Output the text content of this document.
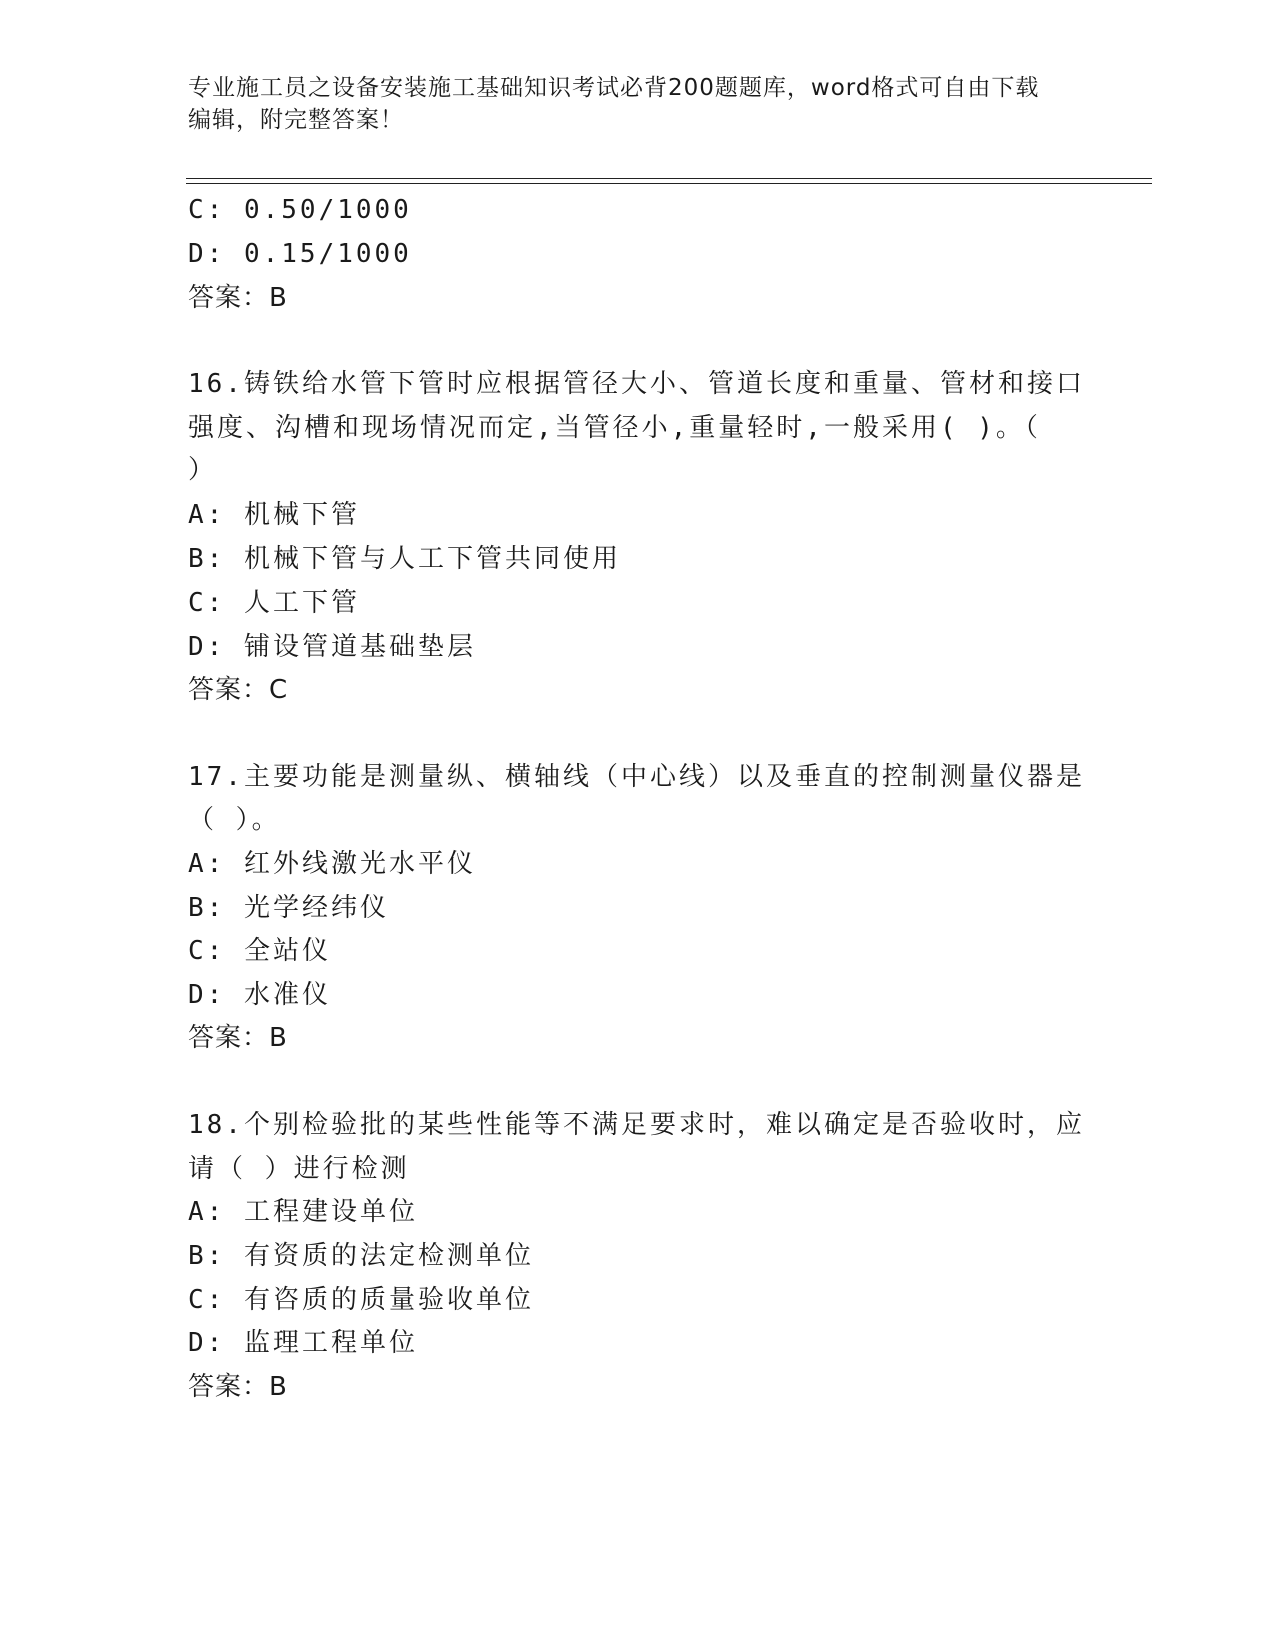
专业施工员之设备安装施工基础知识考试必背200题题库，word格式可自由下载
编辑，附完整答案！
C: 0.50/1000
D: 0.15/1000
答案：B
16.铸铁给水管下管时应根据管径大小、管道长度和重量、管材和接口
强度、沟槽和现场情况而定,当管径小,重量轻时,一般采用( )。（
）
A: 机械下管
B: 机械下管与人工下管共同使用
C: 人工下管
D: 铺设管道基础垫层
答案：C
17.主要功能是测量纵、横轴线（中心线）以及垂直的控制测量仪器是
（ ）。
A: 红外线激光水平仪
B: 光学经纬仪
C: 全站仪
D: 水准仪
答案：B
18.个别检验批的某些性能等不满足要求时，难以确定是否验收时，应
请（ ）进行检测
A: 工程建设单位
B: 有资质的法定检测单位
C: 有咨质的质量验收单位
D: 监理工程单位
答案：B
